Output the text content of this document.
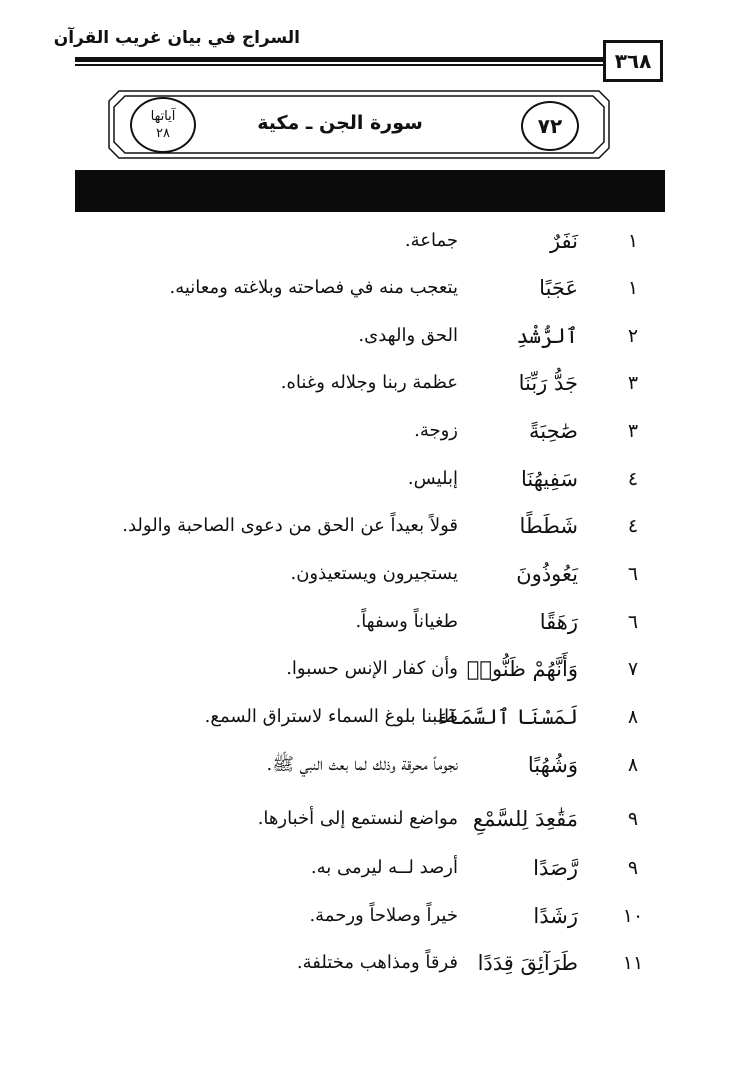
السراج في بيان غريب القرآن
٣٦٨
آياتها
٢٨	سورة الجن ـ مكية	٧٢
١
نَفَرٌ
جماعة.
١
عَجَبًا
يتعجب منه في فصاحته وبلاغته ومعانيه.
٢
ٱلرُّشْدِ
الحق والهدى.
٣
جَدُّ رَبِّنَا
عظمة ربنا وجلاله وغناه.
٣
صَٰحِبَةً
زوجة.
٤
سَفِيهُنَا
إبليس.
٤
شَطَطًا
قولاً بعيداً عن الحق من دعوى الصاحبة والولد.
٦
يَعُوذُونَ
يستجيرون ويستعيذون.
٦
رَهَقًا
طغياناً وسفهاً.
٧
وَأَنَّهُمْ ظَنُّوا۟
وأن كفار الإنس حسبوا.
٨
لَمَسْنَا ٱلسَّمَآءَ
طلبنا بلوغ السماء لاستراق السمع.
٨
وَشُهُبًا
نجوماً محرقة وذلك لما بعث النبي ﷺ.
٩
مَقَٰعِدَ لِلسَّمْعِ
مواضع لنستمع إلى أخبارها.
٩
رَّصَدًا
أرصد لــه ليرمى به.
١٠
رَشَدًا
خيراً وصلاحاً ورحمة.
١١
طَرَآئِقَ قِدَدًا
فرقاً ومذاهب مختلفة.
